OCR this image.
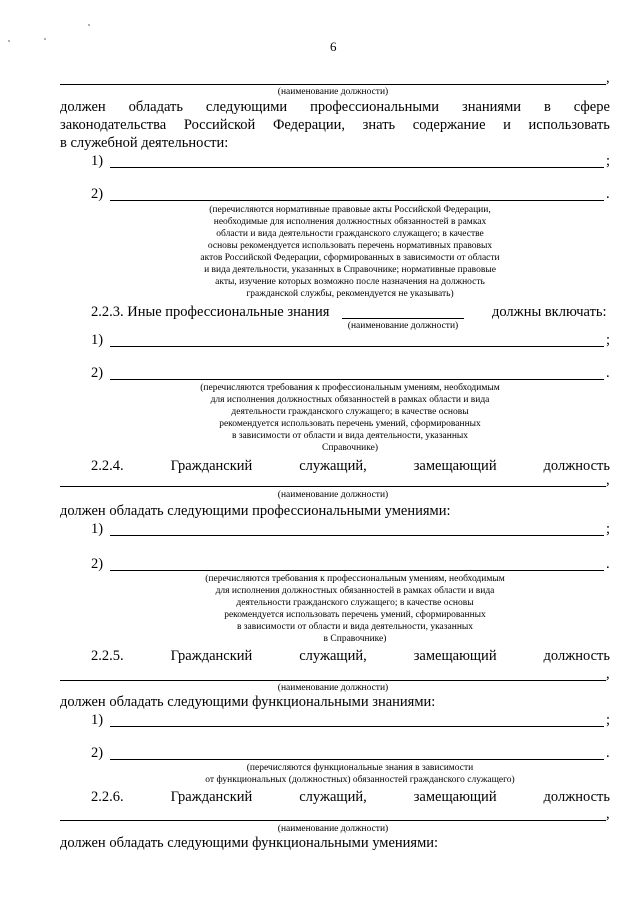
6
,
(наименование должности)
должен обладать следующими профессиональными знаниями в сфере
законодательства Российской Федерации, знать содержание и использовать
в служебной деятельности:
1)	;
2)	.
(перечисляются нормативные правовые акты Российской Федерации,
необходимые для исполнения должностных обязанностей в рамках
области и вида деятельности гражданского служащего; в качестве
основы рекомендуется использовать перечень нормативных правовых
актов Российской Федерации, сформированных в зависимости от области
и вида деятельности, указанных в Справочнике; нормативные правовые
акты, изучение которых возможно после назначения на должность
гражданской службы, рекомендуется не указывать)
2.2.3. Иные профессиональные знания	должны включать:
(наименование должности)
1)	;
2)	.
(перечисляются требования к профессиональным умениям, необходимым
для исполнения должностных обязанностей в рамках области и вида
деятельности гражданского служащего; в качестве основы
рекомендуется использовать перечень умений, сформированных
в зависимости от области и вида деятельности, указанных
Справочнике)
2.2.4.	Гражданский	служащий,	замещающий	должность
,
(наименование должности)
должен обладать следующими профессиональными умениями:
1)	;
2)	.
(перечисляются требования к профессиональным умениям, необходимым
для исполнения должностных обязанностей в рамках области и вида
деятельности гражданского служащего; в качестве основы
рекомендуется использовать перечень умений, сформированных
в зависимости от области и вида деятельности, указанных
в Справочнике)
2.2.5.	Гражданский	служащий,	замещающий	должность
,
(наименование должности)
должен обладать следующими функциональными знаниями:
1)	;
2)	.
(перечисляются функциональные знания в зависимости
от функциональных (должностных) обязанностей гражданского служащего)
2.2.6.	Гражданский	служащий,	замещающий	должность
,
(наименование должности)
должен обладать следующими функциональными умениями:
